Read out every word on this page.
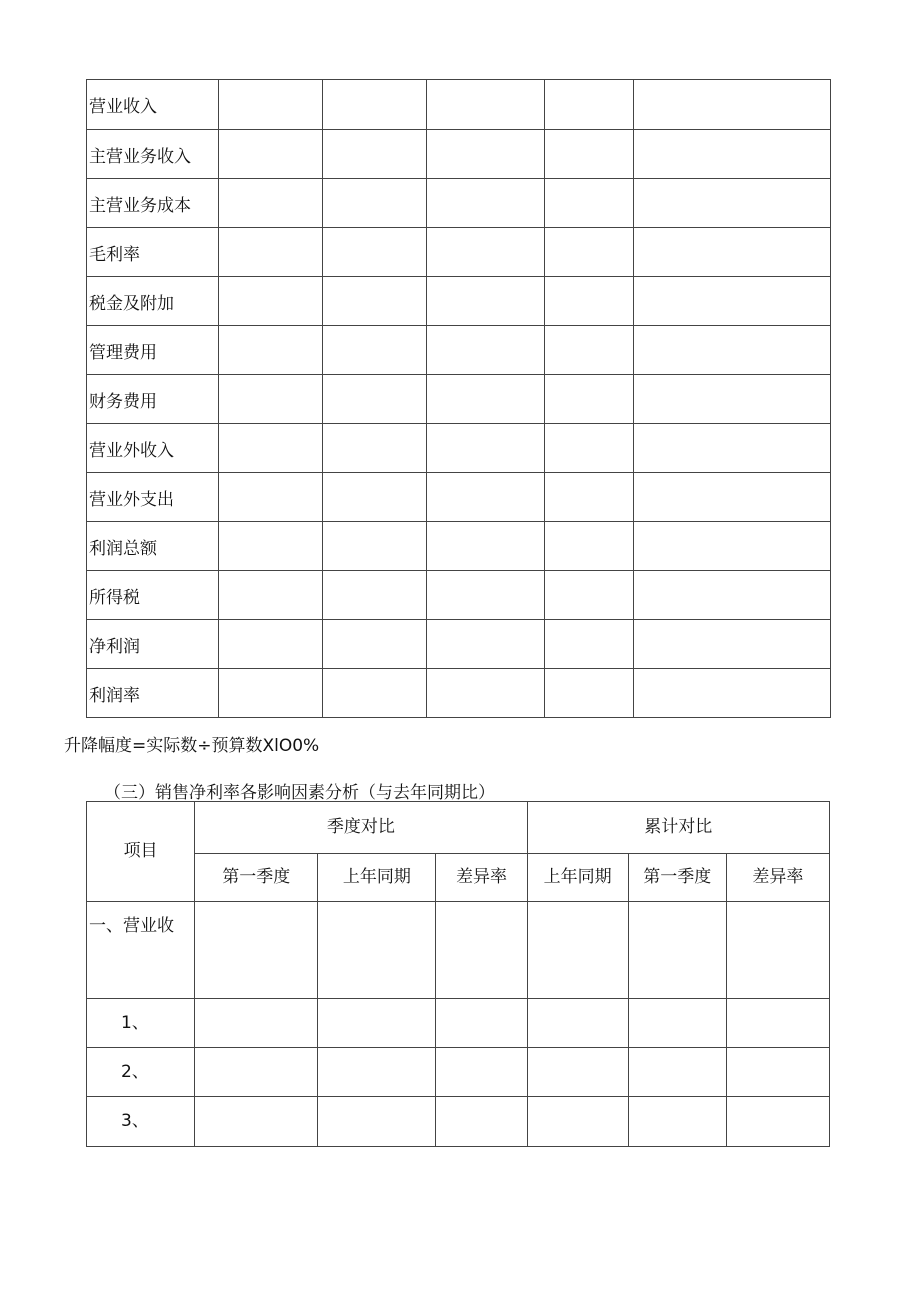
营业收入					
主营业务收入					
主营业务成本					
毛利率					
税金及附加					
管理费用					
财务费用					
营业外收入					
营业外支出					
利润总额					
所得税					
净利润					
利润率					
升降幅度=实际数÷预算数XlO0%
（三）销售净利率各影响因素分析（与去年同期比）
项目	季度对比			累计对比		
	第一季度	上年同期	差异率	上年同期	第一季度	差异率
一、营业收						
1、						
2、						
3、						
